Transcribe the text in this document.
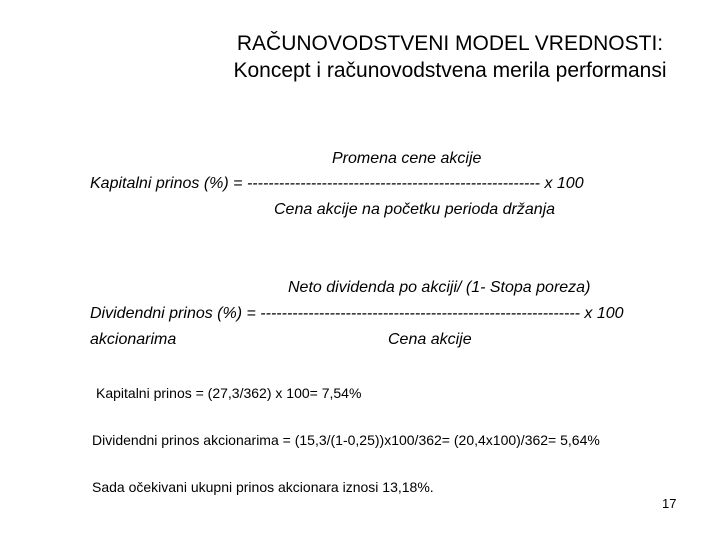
RAČUNOVODSTVENI MODEL VREDNOSTI:
Koncept i računovodstvena merila performansi
Promena cene akcije
Kapitalni prinos (%) = ------------------------------------------------------- x 100
Cena akcije na početku perioda držanja
Neto dividenda po akciji/ (1- Stopa poreza)
Dividendni prinos (%) = ------------------------------------------------------------ x 100
akcionarima	Cena akcije
Kapitalni prinos = (27,3/362) x 100= 7,54%
Dividendni prinos akcionarima = (15,3/(1-0,25))x100/362= (20,4x100)/362= 5,64%
Sada očekivani ukupni prinos akcionara iznosi 13,18%.
17
